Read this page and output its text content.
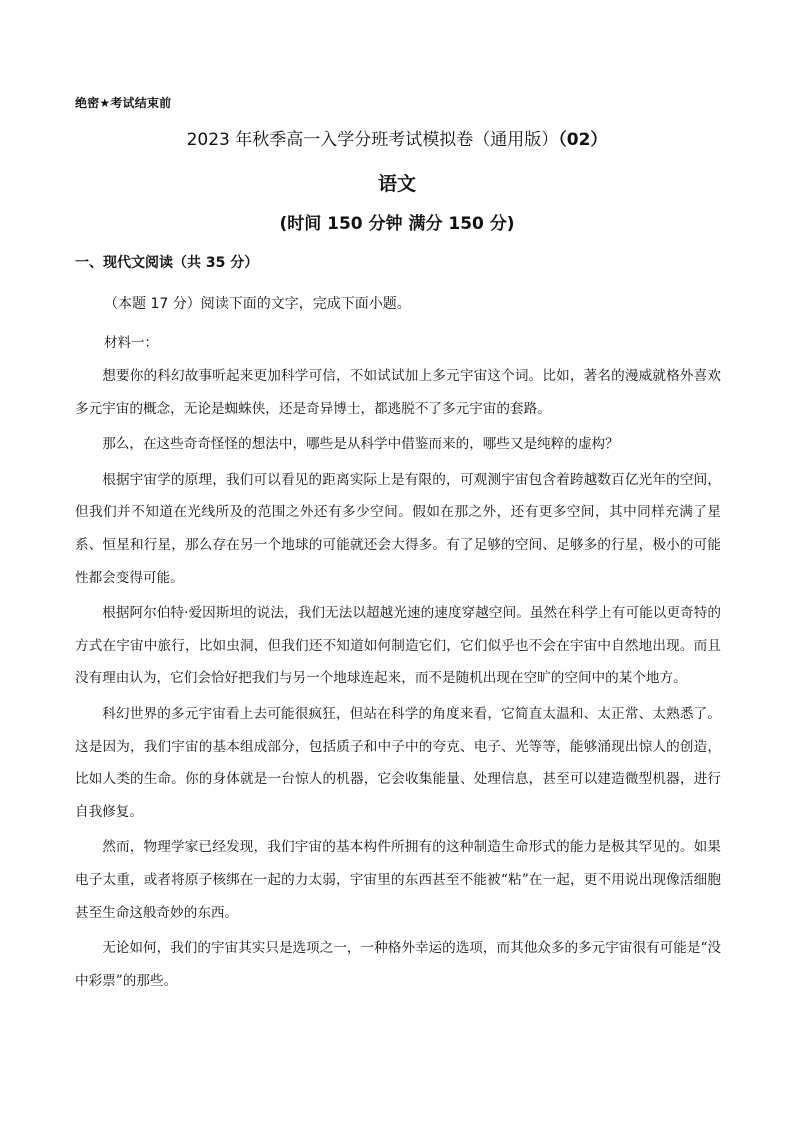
绝密★考试结束前
2023 年秋季高一入学分班考试模拟卷（通用版）（02）
语文
(时间 150 分钟 满分 150 分)
一、现代文阅读（共 35 分）
（本题 17 分）阅读下面的文字，完成下面小题。
材料一：

想要你的科幻故事听起来更加科学可信，不如试试加上多元宇宙这个词。比如，著名的漫威就格外喜欢多元宇宙的概念，无论是蜘蛛侠，还是奇异博士，都逃脱不了多元宇宙的套路。

那么，在这些奇奇怪怪的想法中，哪些是从科学中借鉴而来的，哪些又是纯粹的虚构？

根据宇宙学的原理，我们可以看见的距离实际上是有限的，可观测宇宙包含着跨越数百亿光年的空间，但我们并不知道在光线所及的范围之外还有多少空间。假如在那之外，还有更多空间，其中同样充满了星系、恒星和行星，那么存在另一个地球的可能就还会大得多。有了足够的空间、足够多的行星，极小的可能性都会变得可能。

根据阿尔伯特·爱因斯坦的说法，我们无法以超越光速的速度穿越空间。虽然在科学上有可能以更奇特的方式在宇宙中旅行，比如虫洞，但我们还不知道如何制造它们，它们似乎也不会在宇宙中自然地出现。而且没有理由认为，它们会恰好把我们与另一个地球连起来，而不是随机出现在空旷的空间中的某个地方。

科幻世界的多元宇宙看上去可能很疯狂，但站在科学的角度来看，它简直太温和、太正常、太熟悉了。这是因为，我们宇宙的基本组成部分，包括质子和中子中的夸克、电子、光等等，能够涌现出惊人的创造，比如人类的生命。你的身体就是一台惊人的机器，它会收集能量、处理信息，甚至可以建造微型机器，进行自我修复。

然而，物理学家已经发现，我们宇宙的基本构件所拥有的这种制造生命形式的能力是极其罕见的。如果电子太重，或者将原子核绑在一起的力太弱，宇宙里的东西甚至不能被“粘”在一起，更不用说出现像活细胞甚至生命这般奇妙的东西。

无论如何，我们的宇宙其实只是选项之一，一种格外幸运的选项，而其他众多的多元宇宙很有可能是“没中彩票”的那些。
